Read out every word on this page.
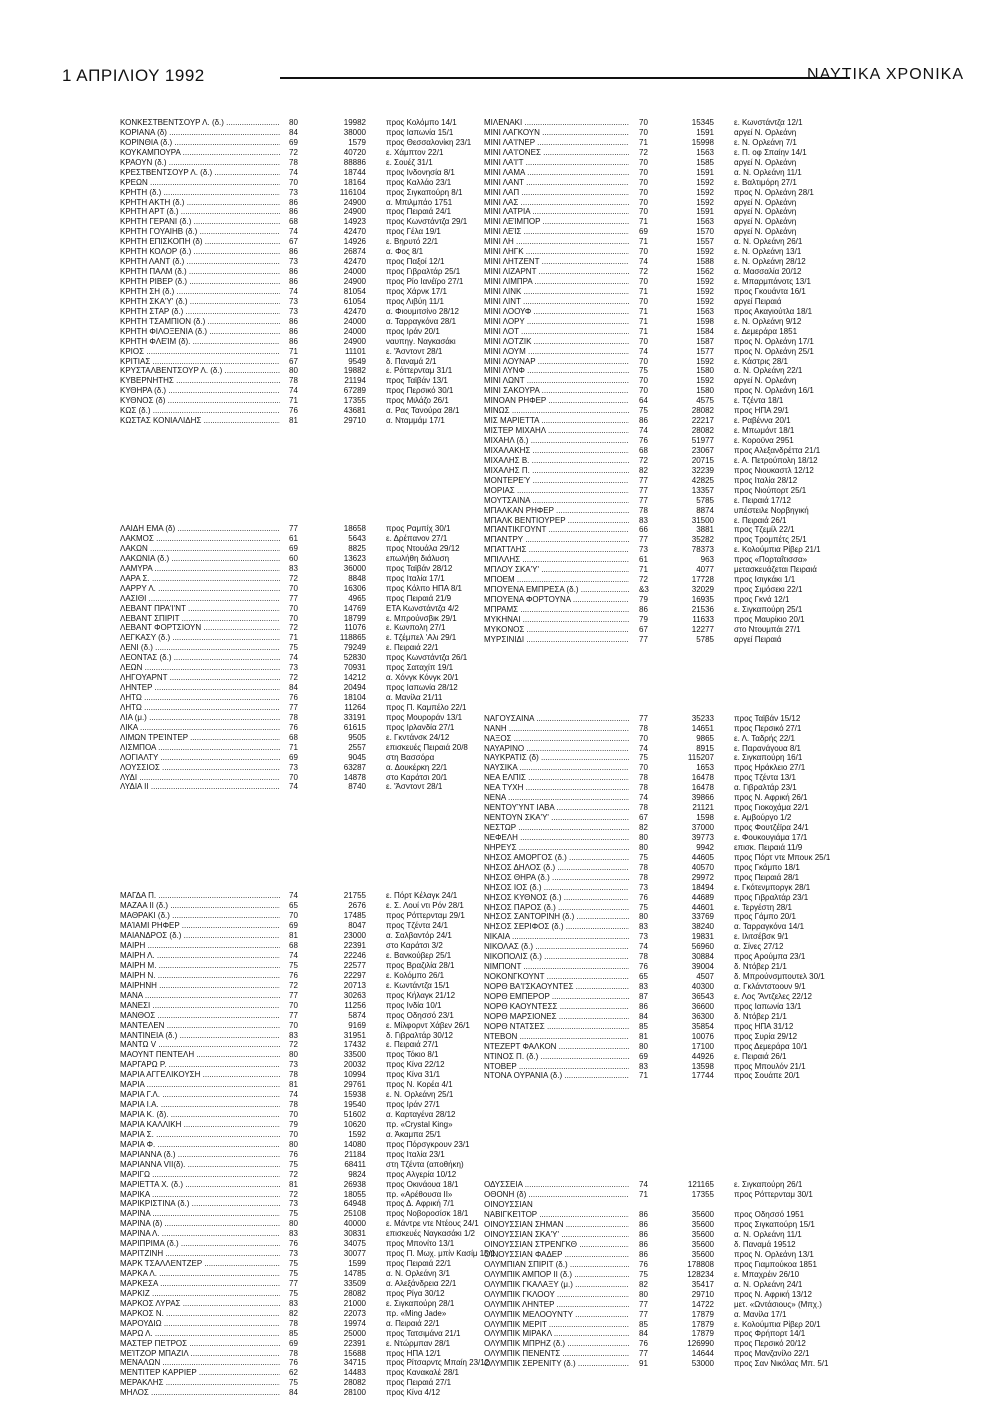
1 ΑΠΡΙΛΙΟΥ 1992	ΝΑΥΤΙΚΑ ΧΡΟΝΙΚΑ
ΚΟΝΚΕΣΤΒΕΝΤΣΟΥΡ Λ. (δ.) .....	80	19982	προς Κολόμπο 14/1
ΚΟΡΙΑΝΑ (δ) .....	84	38000	προς Ιαπωνία 15/1
ΚΟΡΙΝΘΙΑ (δ.) .....	69	1579	προς Θεσσαλονίκη 23/1
ΚΟΥΚΑΜΠΟΥΡΑ .....	72	40720	ε. Χάμπτον 22/1
ΚΡΑΟΥΝ (δ.) .....	78	88886	ε. Σουέζ 31/1
ΚΡΕΣΤΒΕΝΤΣΟΥΡ Λ. (δ.) .....	74	18744	προς Ινδονησία 8/1
ΚΡΕΩΝ .....	70	18164	προς Καλλάο 23/1
ΚΡΗΤΗ (δ.) .....	73	116104	προς Σιγκαπούρη 8/1
ΚΡΗΤΗ ΑΚΤΗ (δ.) .....	86	24900	α. Μπιλμπάο 1751
ΚΡΗΤΗ ΑΡΤ (δ.) .....	86	24900	προς Πειραιά 24/1
ΚΡΗΤΗ ΓΕΡΑΝΙ (δ.) .....	68	14923	προς Κωνστάντζα 29/1
ΚΡΗΤΗ ΓΟΥΑΙΗΒ (δ.) .....	74	42470	προς Γέλα 19/1
ΚΡΗΤΗ ΕΠΙΣΚΟΠΗ (δ) .....	67	14926	ε. Βηρυτό 22/1
ΚΡΗΤΗ ΚΟΛΟΡ (δ.) .....	86	26874	α. Φος 8/1
ΚΡΗΤΗ ΛΑΝΤ (δ.) .....	73	42470	προς Παξοί 12/1
ΚΡΗΤΗ ΠΑΛΜ (δ.) .....	86	24000	προς Γιβραλτάρ 25/1
ΚΡΗΤΗ ΡΙΒΕΡ (δ.) .....	86	24900	προς Ρίο Ιανέϊρο 27/1
ΚΡΗΤΗ ΣΗ (δ.) .....	74	81054	προς Χάρνκ 17/1
ΚΡΗΤΗ ΣΚΑ'Υ' (δ.) .....	73	61054	προς Λιβύη 11/1
ΚΡΗΤΗ ΣΤΑΡ (δ.) .....	73	42470	α. Φιουμιτσίνο 28/12
ΚΡΗΤΗ ΤΣΑΜΠΙΟΝ (δ.) .....	86	24000	α. Ταρραγκόνα 28/1
ΚΡΗΤΗ ΦΙΛΟΞΕΝΙΑ (δ.) .....	86	24000	προς Ιράν 20/1
ΚΡΗΤΗ ΦΛΕΊΜ (δ). .....	86	24900	ναυπηγ. Ναγκασάκι
ΚΡΙΟΣ .....	71	11101	ε. 'Άσντοντ 28/1
ΚΡΙΤΙΑΣ .....	67	9549	δ. Παναμά 2/1
ΚΡΥΣΤΑΛΒΕΝΤΣΟΥΡ Λ. (δ.) .....	80	19882	ε. Ρόττερνταμ 31/1
ΚΥΒΕΡΝΗΤΗΣ .....	78	21194	προς Ταϊβάν 13/1
ΚΥΘΗΡΑ (δ.) .....	74	67289	προς Περσικό 30/1
ΚΥΘΝΟΣ (δ) .....	71	17355	προς Μιλάζο 26/1
ΚΩΣ (δ.) .....	76	43681	α. Ρας Τανούρα 28/1
ΚΩΣΤΑΣ ΚΟΝΙΑΛΙΔΗΣ .....	81	29710	α. Νταμμάμ 17/1
ΛΑΙΔΗ ΕΜΑ (δ) .....	77	18658	προς Ραμπίχ 30/1
ΛΑΚΜΟΣ .....	61	5643	ε. Δρέπανον 27/1
ΛΑΚΩΝ .....	69	8825	προς Ντουάλα 29/12
ΛΑΚΩΝΙΑ (δ.) .....	60	13623	επωλήθη διάλυση
ΛΑΜΥΡΑ .....	83	36000	προς Ταϊβάν 28/12
ΛΑΡΑ Σ. .....	72	8848	προς Ιταλία 17/1
ΛΑΡΡΥ Λ. .....	70	16306	προς Κόλπο ΗΠΑ 8/1
ΛΑΣΙΘΙ .....	77	4965	προς Πειραιά 21/9
ΛΕΒΑΝΤ ΠΡΑ'Ι'ΝΤ .....	70	14769	ΕΤΑ Κωνστάντζα 4/2
ΛΕΒΑΝΤ ΣΠΙΡΙΤ .....	70	18799	ε. Μπρούνσβικ 29/1
ΛΕΒΑΝΤ ΦΟΡΤΣΙΟΥΝ .....	72	11076	ε. Κωνπολη 27/1
ΛΕΓΚΑΣΥ (δ.) .....	71	118865	ε. Τζέμπελ 'Αλι 29/1
ΛΕΝΙ (δ.) .....	75	79249	ε. Πειραιά 22/1
ΛΕΟΝΤΑΣ (δ.) .....	74	52830	προς Κωνστάντζα 26/1
ΛΕΩΝ .....	73	70931	προς Σαταχίπ 19/1
ΛΗΓΟΥΑΡΝΤ .....	72	14212	α. Χόνγκ Κόνγκ 20/1
ΛΗΝΤΕΡ .....	84	20494	προς Ιαπωνία 28/12
ΛΗΤΩ .....	76	18104	α. Μανίλα 21/11
ΛΗΤΩ .....	77	11264	προς Π. Καμπέλο 22/1
ΛΙΑ (μ.) .....	78	33191	προς Μουροράν 13/1
ΛΙΚΑ .....	76	61615	προς Ιρλανδία 27/1
ΛΙΜΩΝ ΤΡΕΊΝΤΕΡ .....	68	9505	ε. Γκντάνσκ 24/12
ΛΙΣΜΠΟΑ .....	71	2557	επισκευές Πειραιά 20/8
ΛΟΓΙΑΛΤΥ .....	69	9045	στη Βασσόρα
ΛΟΥΣΣΙΟΣ .....	73	63287	α. Δουκέρκη 22/1
ΛΥΔΙ .....	70	14878	στο Καράτσι 20/1
ΛΥΔΙΑ ΙΙ .....	74	8740	ε. 'Άσντοντ 28/1
ΜΑΓΔΑ Π. .....	74	21755	ε. Πόρτ Κέλαγκ 24/1
ΜΑΖΑΑ ΙΙ (δ.) .....	65	2676	ε. Σ. Λουί ντι Ρόν 28/1
ΜΑΘΡΑΚΙ (δ.) .....	70	17485	προς Ρόττερνταμ 29/1
ΜΑΊΑΜΙ ΡΗΦΕΡ .....	69	8047	προς Τζέντα 24/1
ΜΑΙΑΝΔΡΟΣ (δ.) .....	81	23000	α. Σαλβαντόρ 24/1
ΜΑΙΡΗ .....	68	22391	στο Καράτσι 3/2
ΜΑΙΡΗ Λ. .....	74	22246	ε. Βανκούβερ 25/1
ΜΑΙΡΗ Μ. .....	75	22577	προς Βραζιλία 28/1
ΜΑΙΡΗ Ν. .....	76	22297	ε. Κολόμπο 26/1
ΜΑΙΡΗΝΗ .....	72	20713	ε. Κωντάντζα 15/1
ΜΑΝΑ .....	77	30263	προς Κήλαγκ 21/12
ΜΑΝΕΣΙ .....	70	11256	προς Ινδία 10/1
ΜΑΝΘΟΣ .....	77	5874	προς Οδησσό 23/1
ΜΑΝΤΕΛΕΝ .....	70	9169	ε. Μίλφορντ Χάβεν 26/1
ΜΑΝΤΙΝΕΙΑ (δ.) .....	83	31951	δ. Γιβραλτάρ 30/12
ΜΑΝΤΩ V .....	72	17432	ε. Πειραιά 27/1
ΜΑΟΥΝΤ ΠΕΝΤΕΛΗ .....	80	33500	προς Τόκιο 8/1
ΜΑΡΓΑΡΩ Ρ. .....	73	20032	προς Κίνα 22/12
ΜΑΡΙΑ ΑΓΓΕΛΙΚΟΥΣΗ .....	78	10994	προς Κίνα 31/1
ΜΑΡΙΑ .....	81	29761	προς Ν. Κορέα 4/1
ΜΑΡΙΑ Γ.Λ. .....	74	15938	ε. Ν. Ορλεάνη 25/1
ΜΑΡΙΑ Ι.Α. .....	78	19540	προς Ιράν 27/1
ΜΑΡΙΑ Κ. (δ). .....	70	51602	α. Καρταγένα 28/12
ΜΑΡΙΑ ΚΑΛΛΙΚΗ .....	79	10620	πρ. «Crystal King»
ΜΑΡΙΑ Σ. .....	70	1592	α. Άκαμπα 25/1
ΜΑΡΙΑ Φ. .....	80	14080	προς Πόρσγκρουν 23/1
ΜΑΡΙΑΝΝΑ (δ.) .....	76	21184	προς Ιταλία 23/1
ΜΑΡΙΑΝΝΑ VII(δ). .....	75	68411	στη Τζέντα (αποθήκη)
ΜΑΡΙΓΩ .....	72	9824	προς Αλγερία 10/12
ΜΑΡΙΕΤΤΑ Χ. (δ.) .....	81	26938	προς Οκινάουα 18/1
ΜΑΡΙΚΑ .....	72	18055	πρ. «Αρέθουσα ΙΙ»
ΜΑΡΙΚΡΙΣΤΙΝΑ (δ.) .....	73	64948	προς Δ. Αφρική 7/1
ΜΑΡΙΝΑ .....	75	25108	προς Νοβοροσίσκ 18/1
ΜΑΡΙΝΑ (δ) .....	80	40000	ε. Μάντρε ντε Ντέους 24/1
ΜΑΡΙΝΑ Λ. .....	83	30831	επισκευές Ναγκασάκι 1/2
ΜΑΡΙΠΡΙΜΑ (δ.) .....	76	34075	προς Μπονίτο 13/1
ΜΑΡΙΤΖΙΝΗ .....	73	30077	προς Π. Μωχ. μπίν Κασίμ 15/1
ΜΑΡΚ ΤΣΑΛΛΕΝΤΖΕΡ .....	75	1599	προς Πειραιά 22/1
ΜΑΡΚΑ Λ. .....	75	14785	α. Ν. Ορλεάνη 3/1
ΜΑΡΚΕΣΑ .....	77	33509	α. Αλεξάνδρεια 22/1
ΜΑΡΚΙΖ .....	75	28082	προς Ρίγα 30/12
ΜΑΡΚΟΣ ΛΥΡΑΣ .....	83	21000	ε. Σιγκαπούρη 28/1
ΜΑΡΚΟΣ Ν. .....	82	22073	πρ. «Ming Jade»
ΜΑΡΟΥΔΙΩ .....	78	19974	α. Πειραιά 22/1
ΜΑΡΩ Λ. .....	85	25000	προς Τατσιμάνα 21/1
ΜΑΣΤΕΡ ΠΕΤΡΟΣ .....	69	22391	ε. Ντώρμπαν 28/1
ΜΕΊΤΖΟΡ ΜΠΑΖΙΛ .....	78	15688	προς ΗΠΑ 12/1
ΜΕΝΑΛΩΝ .....	76	34715	προς Ρίτσαρντς Μπαίη 23/12
ΜΕΝΤΙΤΕΡ ΚΑΡΡΙΕΡ .....	62	14483	προς Κανακαλέ 28/1
ΜΕΡΑΚΛΗΣ .....	75	28082	προς Πειραιά 27/1
ΜΗΛΟΣ .....	84	28100	προς Κίνα 4/12
ΜΙΛΕΝΑΚΙ .....	70	15345	ε. Κωνστάντζα 12/1
ΜΙΝΙ ΛΑΓΚΟΥΝ .....	70	1591	αργεί Ν. Ορλεάνη
ΜΙΝΙ ΛΑ'Ι'ΝΕΡ .....	71	15998	ε. Ν. Ορλεάνη 7/1
ΜΙΝΙ ΛΑ'Ι'ΟΝΕΣ .....	72	1563	ε. Π. οφ Σπαίην 14/1
ΜΙΝΙ ΛΑ'Ι'Τ .....	70	1585	αργεί Ν. Ορλεάνη
ΜΙΝΙ ΛΑΜΑ .....	70	1591	α. Ν. Ορλεάνη 11/1
ΜΙΝΙ ΛΑΝΤ .....	70	1592	ε. Βαλτιμόρη 27/1
ΜΙΝΙ ΛΑΠ .....	70	1592	προς Ν. Ορλεάνη 28/1
ΜΙΝΙ ΛΑΣ .....	70	1592	αργεί Ν. Ορλεάνη
ΜΙΝΙ ΛΑΤΡΙΑ .....	70	1591	αργεί Ν. Ορλεάνη
ΜΙΝΙ ΛΕΊΜΠΟΡ .....	71	1563	αργεί Ν. Ορλεάνη
ΜΙΝΙ ΛΕΊΣ .....	69	1570	αργεί Ν. Ορλεάνη
ΜΙΝΙ ΛΗ .....	71	1557	α. Ν. Ορλεάνη 26/1
ΜΙΝΙ ΛΗΓΚ .....	70	1592	ε. Ν. Ορλεάνη 13/1
ΜΙΝΙ ΛΗΤΖΕΝΤ .....	74	1588	ε. Ν. Ορλεάνη 28/12
ΜΙΝΙ ΛΙΖΑΡΝΤ .....	72	1562	α. Μασσαλία 20/12
ΜΙΝΙ ΛΙΜΠΡΑ .....	70	1592	ε. Μπαρμπάνοτς 13/1
ΜΙΝΙ ΛΙΝΚ .....	71	1592	προς Γκουάντα 16/1
ΜΙΝΙ ΛΙΝΤ .....	70	1592	αργεί Πειραιά
ΜΙΝΙ ΛΟΟΥΦ .....	71	1563	προς Ακαγιούτλα 18/1
ΜΙΝΙ ΛΟΡΥ .....	71	1598	ε. Ν. Ορλεάνη 9/12
ΜΙΝΙ ΛΟΤ .....	71	1584	ε. Δεμεράρα 1851
ΜΙΝΙ ΛΟΤΖΙΚ .....	70	1587	προς Ν. Ορλεάνη 17/1
ΜΙΝΙ ΛΟΥΜ .....	74	1577	προς Ν. Ορλεάνη 25/1
ΜΙΝΙ ΛΟΥΝΑΡ .....	70	1592	ε. Κάστρις 28/1
ΜΙΝΙ ΛΥΝΦ .....	75	1580	α. Ν. Ορλεάνη 22/1
ΜΙΝΙ ΛΩΝΤ .....	70	1592	αργεί Ν. Ορλεάνη
ΜΙΝΙ ΣΑΚΟΥΡΑ .....	70	1580	προς Ν. Ορλεάνη 16/1
ΜΙΝΟΑΝ ΡΗΦΕΡ .....	64	4575	ε. Τζέντα 18/1
ΜΙΝΩΣ .....	75	28082	προς ΗΠΑ 29/1
ΜΙΣ ΜΑΡΙΕΤΤΑ .....	86	22217	ε. Ραβέννα 20/1
ΜΙΣΤΕΡ ΜΙΧΑΗΛ .....	74	28082	ε. Μπωμόντ 18/1
ΜΙΧΑΗΛ (δ.) .....	76	51977	ε. Κοροϋνα 2951
ΜΙΧΑΛΑΚΗΣ .....	68	23067	προς Αλεξανδρέττα 21/1
ΜΙΧΑΛΗΣ Β. .....	72	20715	ε. Α. Πετρούπολη 18/12
ΜΙΧΑΛΗΣ Π. .....	82	32239	προς Νιουκαστλ 12/12
ΜΟΝΤΕΡΕΎ .....	77	42825	προς Ιταλία 28/12
ΜΟΡΙΑΣ .....	77	13357	προς Νιούπορτ 25/1
ΜΟΥΤΣΑΙΝΑ .....	77	5785	ε. Πειραιά 17/12
ΜΠΑΛΚΑΝ ΡΗΦΕΡ .....	78	8874	υπέστειλε Νορβηγική
ΜΠΑΛΚ ΒΕΝΤΙΟΥΡΕΡ .....	83	31500	ε. Πειραιά 26/1
ΜΠΑΝΤΙΚΓΟΥΝΤ .....	66	3881	προς Τζεμίλ 22/1
ΜΠΑΝΤΡΥ .....	77	35282	προς Τρομπέτς 25/1
ΜΠΑΤΤΛΗΣ .....	73	78373	ε. Κολούμπια Ρίβερ 21/1
ΜΠΙΛΛΗΣ .....	61	963	προς «Πορταΐτισσα»
ΜΠΛΟΥ ΣΚΑ'Υ' .....	71	4077	μετασκευάζεται Πειραιά
ΜΠΟΕΜ .....	72	17728	προς Ισιγκάκι 1/1
ΜΠΟΥΕΝΑ ΕΜΠΡΕΣΑ (δ.) .....	&3	32029	προς Σιμόσεκι 22/1
ΜΠΟΥΕΝΑ ΦΟΡΤΟΥΝΑ .....	79	16935	προς Γκνά 12/1
ΜΠΡΑΜΣ .....	86	21536	ε. Σιγκαπούρη 25/1
ΜΥΚΗΝΑΙ .....	79	11633	προς Μαυρίκιο 20/1
ΜΥΚΟΝΟΣ .....	67	12277	στο Ντουμπάι 27/1
ΜΥΡΣΙΝΙΔΙ .....	77	5785	αργεί Πειραιά
ΝΑΓΟΥΣΑΙΝΑ .....	77	35233	προς Ταϊβάν 15/12
ΝΑΝΗ .....	78	14651	προς Περσικό 27/1
ΝΑΞΟΣ .....	70	9865	ε. Λ. Ταδρής 22/1
ΝΑΥΑΡΙΝΟ .....	74	8915	ε. Παρανάγουα 8/1
ΝΑΥΚΡΑΤΙΣ (δ) .....	75	115207	ε. Σιγκαπούρη 16/1
ΝΑΥΣΙΚΑ .....	70	1653	προς Ηράκλειο 27/1
ΝΕΑ ΕΛΠΙΣ .....	78	16478	προς Τζέντα 13/1
ΝΕΑ ΤΥΧΗ .....	78	16478	α. Γιβραλτάρ 23/1
ΝΕΝΑ .....	74	39866	προς Ν. Αφρική 26/1
ΝΕΝΤΟΥΎΝΤ ΙΑΒΑ .....	78	21121	προς Γιοκοχάμα 22/1
ΝΕΝΤΟΥΝ ΣΚΑ'Υ' .....	67	1598	ε. Αμβούργο 1/2
ΝΕΣΤΩΡ .....	82	37000	προς Φουτζέϊρα 24/1
ΝΕΦΕΛΗ .....	80	39773	ε. Φουκουγιάμα 17/1
ΝΗΡΕΥΣ .....	80	9942	επισκ. Πειραιά 11/9
ΝΗΣΟΣ ΑΜΟΡΓΟΣ (δ.) .....	75	44605	προς Πόρτ ντε Μπουκ 25/1
ΝΗΣΟΣ ΔΗΛΟΣ (δ.) .....	78	40570	προς Γκάμπο 18/1
ΝΗΣΟΣ ΘΗΡΑ (δ.) .....	78	29972	προς Πειραιά 28/1
ΝΗΣΟΣ ΙΟΣ (δ.) .....	73	18494	ε. Γκότενμποργκ 28/1
ΝΗΣΟΣ ΚΥΘΝΟΣ (δ.) .....	76	44689	προς Γιβραλτάρ 23/1
ΝΗΣΟΣ ΠΑΡΟΣ (δ.) .....	75	44601	ε. Τεργέστη 28/1
ΝΗΣΟΣ ΣΑΝΤΟΡΙΝΗ (δ.) .....	80	33769	προς Γάμπο 20/1
ΝΗΣΟΣ ΣΕΡΙΦΟΣ (δ.) .....	83	38240	α. Ταρραγκόνα 14/1
ΝΙΚΑΙΑ .....	73	19831	ε. Ιλιτσέβσκ 9/1
ΝΙΚΟΛΑΣ (δ.) .....	74	56960	α. Σίνες 27/12
ΝΙΚΟΠΟΛΙΣ (δ.) .....	78	30884	προς Αρούμπα 23/1
ΝΙΜΠΟΝΤ .....	76	39004	δ. Ντόβερ 21/1
ΝΟΚΟΝΓΚΟΥΝΤ .....	65	4507	δ. Μπρούνσμπουτελ 30/1
ΝΟΡΘ ΒΑ'Ι'ΣΚΑΟΥΝΤΕΣ .....	83	40300	α. Γκλάντστοουν 9/1
ΝΟΡΘ ΕΜΠΕΡΟΡ .....	87	36543	ε. Λος 'Άντζελες 22/12
ΝΟΡΘ ΚΑΟΥΝΤΕΣΣ .....	86	36600	προς Ιαπωνία 13/1
ΝΟΡΘ ΜΑΡΣΙΟΝΕΣ .....	84	36300	δ. Ντόβερ 21/1
ΝΟΡΘ ΝΤΑΤΣΕΣ .....	85	35854	προς ΗΠΑ 31/12
ΝΤΕΒΟΝ .....	81	10076	προς Συρία 29/12
ΝΤΕΖΕΡΤ ΦΑΛΚΟΝ .....	80	17100	προς Δεμεράρα 10/1
ΝΤΙΝΟΣ Π. (δ.) .....	69	44926	ε. Πειραιά 26/1
ΝΤΟΒΕΡ .....	83	13598	προς Μπουλόν 21/1
ΝΤΟΝΑ ΟΥΡΑΝΙΑ (δ.) .....	71	17744	προς Σουάπε 20/1
ΟΔΥΣΣΕΙΑ .....	74	121165	ε. Σιγκαπούρη 26/1
ΟΘΟΝΗ (δ) .....	71	17355	προς Ρόττερνταμ 30/1
ΟΙΝΟΥΣΣΙΑΝ
ΝΑΒΙΓΚΕΊΤΟΡ .....	86	35600	προς Οδησσό 1951
ΟΙΝΟΥΣΣΙΑΝ ΣΗΜΑΝ .....	86	35600	προς Σιγκαπούρη 15/1
ΟΙΝΟΥΣΣΙΑΝ ΣΚΑ'Υ' .....	86	35600	α. Ν. Ορλεάνη 11/1
ΟΙΝΟΥΣΣΙΑΝ ΣΤΡΕΝΓΚΘ .....	86	35600	δ. Παναμά 19512
ΟΙΝΟΥΣΣΙΑΝ ΦΑΔΕΡ .....	86	35600	προς Ν. Ορλεάνη 13/1
ΟΛΥΜΠΙΑΝ ΣΠΙΡΙΤ (δ.) .....	76	178808	προς Γιαμπούκοα 1851
ΟΛΥΜΠΙΚ ΑΜΠΟΡ ΙΙ (δ.) .....	75	128234	ε. Μπαχρέιν 26/10
ΟΛΥΜΠΙΚ ΓΚΑΛΑΞΥ (μ.) .....	82	35417	α. Ν. Ορλεάνη 24/1
ΟΛΥΜΠΙΚ ΓΚΛΟΟΥ .....	80	29710	προς Ν. Αφρική 13/12
ΟΛΥΜΠΙΚ ΛΗΝΤΕΡ .....	77	14722	μετ. «Ωντάσιους» (Μπχ.)
ΟΛΥΜΠΙΚ ΜΕΛΟΟΥΝΤΥ .....	77	17879	α. Μανίλα 17/1
ΟΛΥΜΠΙΚ ΜΕΡΙΤ .....	85	17879	ε. Κολούμπια Ρίβερ 20/1
ΟΛΥΜΠΙΚ ΜΙΡΑΚΛ .....	84	17879	προς Φρήπορτ 14/1
ΟΛΥΜΠΙΚ ΜΠΡΗΖ (δ.) .....	76	126990	προς Περσικό 20/12
ΟΛΥΜΠΙΚ ΠΕΝΕΝΤΣ .....	77	14644	προς Μανζανίλο 22/1
ΟΛΥΜΠΙΚ ΣΕΡΕΝΙΤΥ (δ.) .....	91	53000	προς Σαν Νικόλας Μπ. 5/1
